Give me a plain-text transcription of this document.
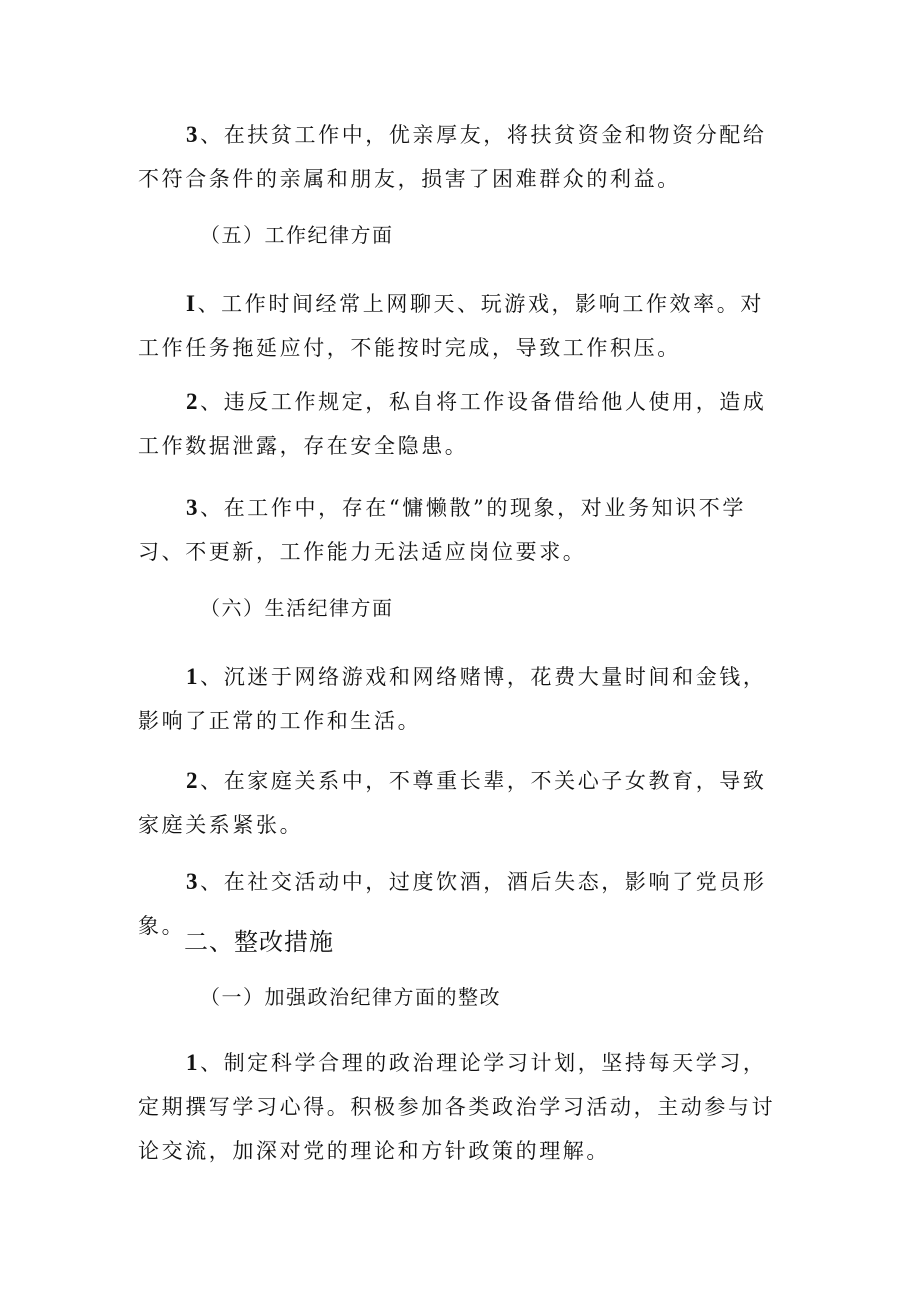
3、在扶贫工作中，优亲厚友，将扶贫资金和物资分配给不符合条件的亲属和朋友，损害了困难群众的利益。

（五）工作纪律方面

I、工作时间经常上网聊天、玩游戏，影响工作效率。对工作任务拖延应付，不能按时完成，导致工作积压。

2、违反工作规定，私自将工作设备借给他人使用，造成工作数据泄露，存在安全隐患。

3、在工作中，存在“慵懒散”的现象，对业务知识不学习、不更新，工作能力无法适应岗位要求。

（六）生活纪律方面

1、沉迷于网络游戏和网络赌博，花费大量时间和金钱，影响了正常的工作和生活。

2、在家庭关系中，不尊重长辈，不关心子女教育，导致家庭关系紧张。

3、在社交活动中，过度饮酒，酒后失态，影响了党员形象。

二、整改措施
（一）加强政治纪律方面的整改

1、制定科学合理的政治理论学习计划，坚持每天学习，定期撰写学习心得。积极参加各类政治学习活动，主动参与讨论交流，加深对党的理论和方针政策的理解。
